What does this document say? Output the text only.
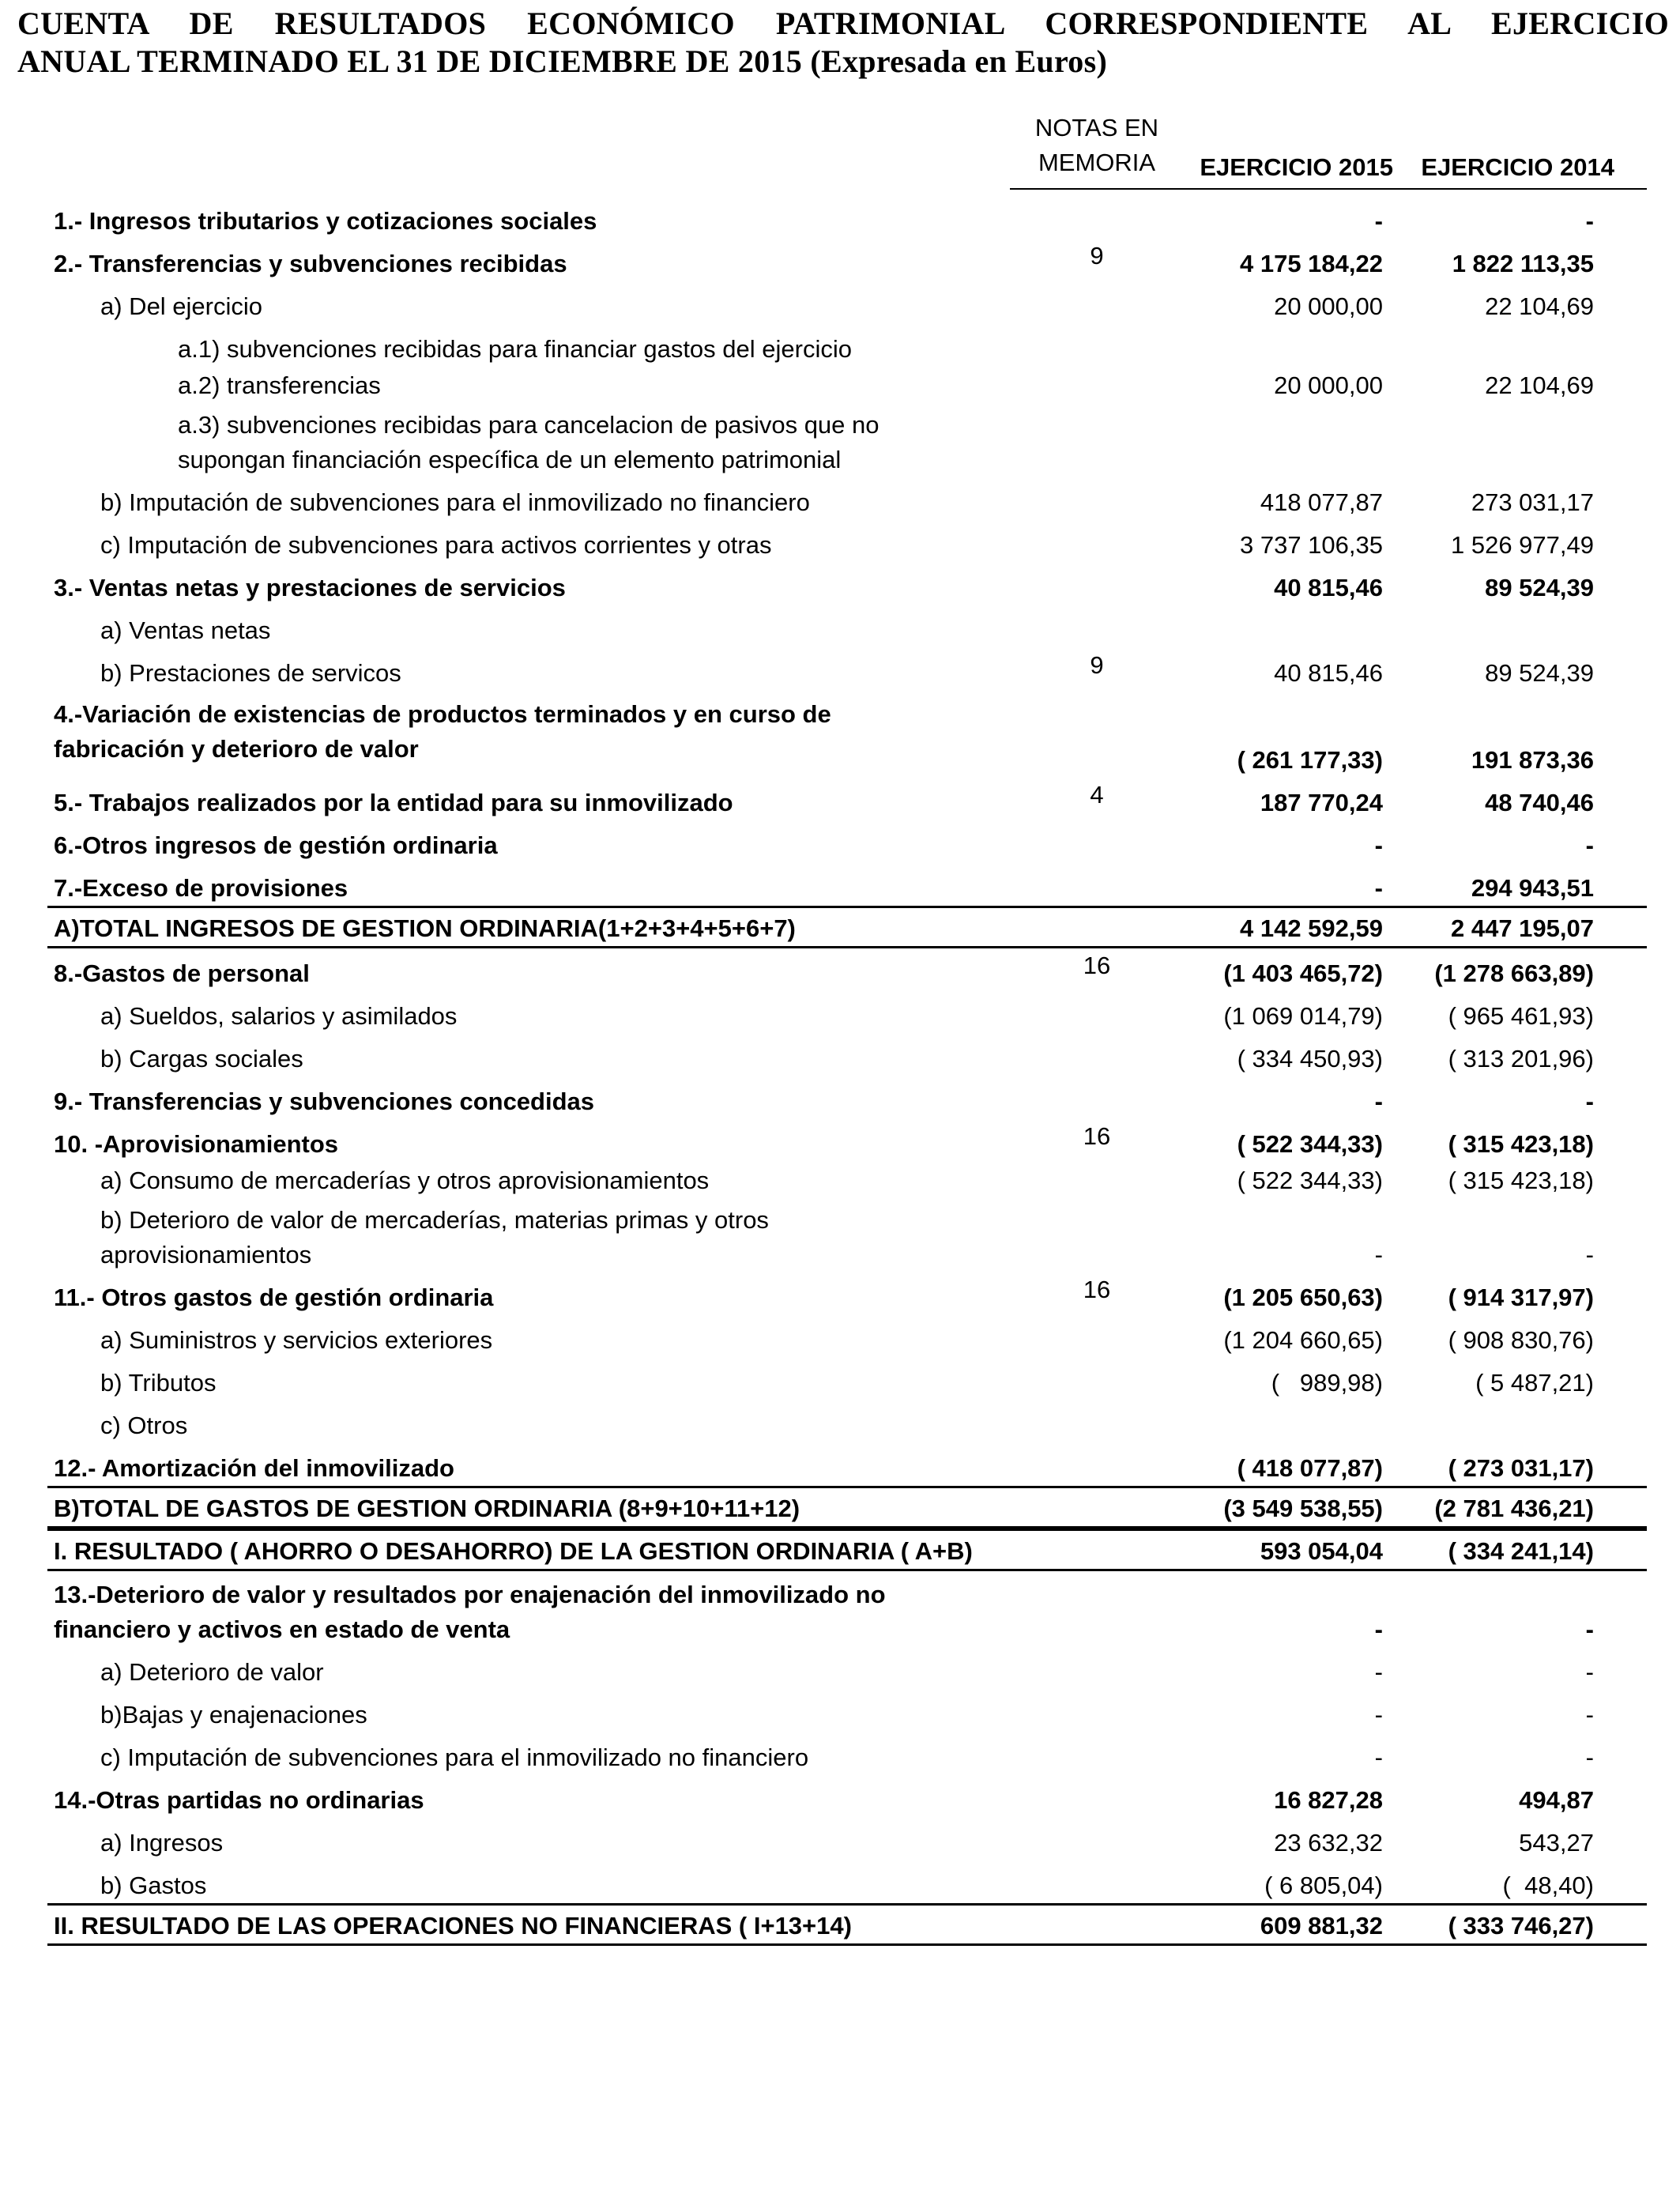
CUENTA DE RESULTADOS ECONÓMICO PATRIMONIAL CORRESPONDIENTE AL EJERCICIO
ANUAL TERMINADO EL 31 DE DICIEMBRE DE 2015 (Expresada en Euros)
NOTAS EN
MEMORIA	EJERCICIO 2015	EJERCICIO 2014
1.- Ingresos tributarios y cotizaciones sociales	-	-
2.- Transferencias y subvenciones recibidas	9	4 175 184,22	1 822 113,35
a) Del ejercicio	20 000,00	22 104,69
a.1) subvenciones recibidas para financiar gastos del ejercicio
a.2) transferencias	20 000,00	22 104,69
a.3) subvenciones recibidas para cancelacion de pasivos que no
supongan financiación específica de un elemento patrimonial
b) Imputación de subvenciones para el inmovilizado no financiero	418 077,87	273 031,17
c) Imputación de subvenciones para activos corrientes y otras	3 737 106,35	1 526 977,49
3.- Ventas netas y prestaciones de servicios	40 815,46	89 524,39
a) Ventas netas
b) Prestaciones de servicos	9	40 815,46	89 524,39
4.-Variación de existencias de productos terminados y en curso de
fabricación y deterioro de valor	( 261 177,33)	191 873,36
5.- Trabajos realizados por la entidad para su inmovilizado	4	187 770,24	48 740,46
6.-Otros ingresos de gestión ordinaria	-	-
7.-Exceso de provisiones	-	294 943,51
A)TOTAL INGRESOS DE GESTION ORDINARIA(1+2+3+4+5+6+7)	4 142 592,59	2 447 195,07
8.-Gastos de personal	16	(1 403 465,72)	(1 278 663,89)
a) Sueldos, salarios y asimilados	(1 069 014,79)	( 965 461,93)
b) Cargas sociales	( 334 450,93)	( 313 201,96)
9.- Transferencias y subvenciones concedidas	-	-
10. -Aprovisionamientos	16	( 522 344,33)	( 315 423,18)
a) Consumo de mercaderías y otros aprovisionamientos	( 522 344,33)	( 315 423,18)
b) Deterioro de valor de mercaderías, materias primas y otros
aprovisionamientos	-	-
11.- Otros gastos de gestión ordinaria	16	(1 205 650,63)	( 914 317,97)
a) Suministros y servicios exteriores	(1 204 660,65)	( 908 830,76)
b) Tributos	(   989,98)	( 5 487,21)
c) Otros
12.- Amortización del inmovilizado	( 418 077,87)	( 273 031,17)
B)TOTAL DE GASTOS DE GESTION ORDINARIA (8+9+10+11+12)	(3 549 538,55)	(2 781 436,21)
I. RESULTADO ( AHORRO O DESAHORRO) DE LA GESTION ORDINARIA ( A+B)	593 054,04	( 334 241,14)
13.-Deterioro de valor y resultados por enajenación del inmovilizado no
financiero y activos en estado de venta	-	-
a) Deterioro de valor	-	-
b)Bajas y enajenaciones	-	-
c) Imputación de subvenciones para el inmovilizado no financiero	-	-
14.-Otras partidas no ordinarias	16 827,28	494,87
a) Ingresos	23 632,32	543,27
b) Gastos	( 6 805,04)	(  48,40)
II. RESULTADO DE LAS OPERACIONES NO FINANCIERAS ( I+13+14)	609 881,32	( 333 746,27)
